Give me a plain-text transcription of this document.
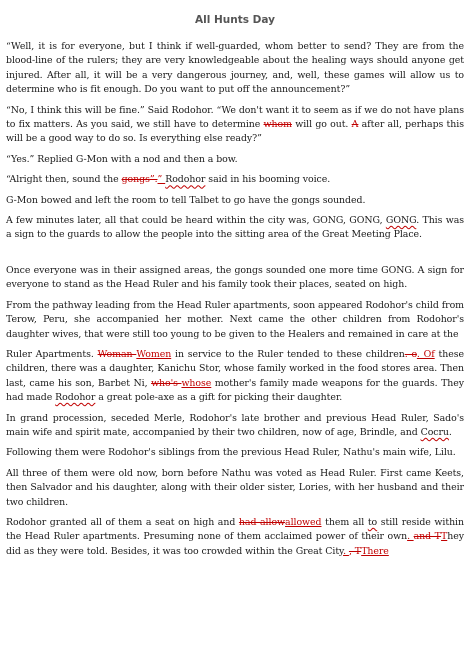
All Hunts Day

“Well, it is for everyone, but I think if well-guarded, whom better to send? They are from the blood-line of the rulers; they are very knowledgeable about the healing ways should anyone get injured. After all, it will be a very dangerous journey, and, well, these games will allow us to determine who is fit enough. Do you want to put off the announcement?”

“No, I think this will be fine.” Said Rodohor. “We don't want it to seem as if we do not have plans to fix matters. As you said, we still have to determine whom will go out. A after all, perhaps this will be a good way to do so. Is everything else ready?”

“Yes.” Replied G-Mon with a nod and then a bow.

“Alright then, sound the gongs”.” Rodohor said in his booming voice.

G-Mon bowed and left the room to tell Talbet to go have the gongs sounded.

A few minutes later, all that could be heard within the city was, GONG, GONG, GONG. This was a sign to the guards to allow the people into the sitting area of the Great Meeting Place.

Once everyone was in their assigned areas, the gongs sounded one more time GONG. A sign for everyone to stand as the Head Ruler and his family took their places, seated on high.

From the pathway leading from the Head Ruler apartments, soon appeared Rodohor's child from Terow, Peru, she accompanied her mother. Next came the other children from Rodohor's daughter wives, that were still too young to be given to the Healers and remained in care at the

Ruler Apartments. Woman Women in service to the Ruler tended to these children. o. Of these children, there was a daughter, Kanichu Stor, whose family worked in the food stores area. Then last, came his son, Barbet Ni, who's whose mother's family made weapons for the guards. They had made Rodohor a great pole-axe as a gift for picking their daughter.

In grand procession, seceded Merle, Rodohor's late brother and previous Head Ruler, Sado's main wife and spirit mate, accompanied by their two children, now of age, Brindle, and Cocru.

Following them were Rodohor's siblings from the previous Head Ruler, Nathu's main wife, Lilu.

All three of them were old now, born before Nathu was voted as Head Ruler. First came Keets, then Salvador and his daughter, along with their older sister, Lories, with her husband and their two children.

Rodohor granted all of them a seat on high and had allowallowed them all to still reside within the Head Ruler apartments. Presuming none of them acclaimed power of their own. and TThey did as they were told. Besides, it was too crowded within the Great City. , TThere
